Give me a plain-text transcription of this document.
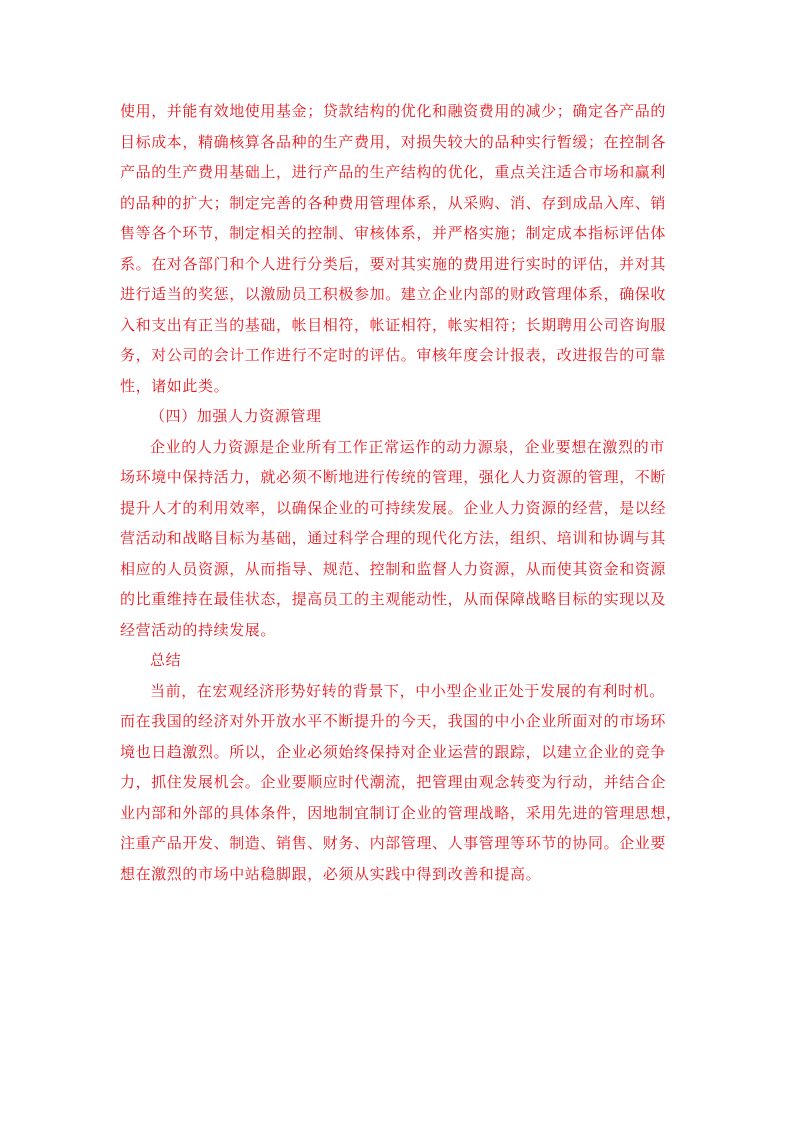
使用，并能有效地使用基金；贷款结构的优化和融资费用的减少；确定各产品的
目标成本，精确核算各品种的生产费用，对损失较大的品种实行暂缓；在控制各
产品的生产费用基础上，进行产品的生产结构的优化，重点关注适合市场和赢利
的品种的扩大；制定完善的各种费用管理体系，从采购、消、存到成品入库、销
售等各个环节，制定相关的控制、审核体系，并严格实施；制定成本指标评估体
系。在对各部门和个人进行分类后，要对其实施的费用进行实时的评估，并对其
进行适当的奖惩，以激励员工积极参加。建立企业内部的财政管理体系，确保收
入和支出有正当的基础，帐目相符，帐证相符，帐实相符；长期聘用公司咨询服
务，对公司的会计工作进行不定时的评估。审核年度会计报表，改进报告的可靠
性，诸如此类。
（四）加强人力资源管理
企业的人力资源是企业所有工作正常运作的动力源泉，企业要想在激烈的市
场环境中保持活力，就必须不断地进行传统的管理，强化人力资源的管理，不断
提升人才的利用效率，以确保企业的可持续发展。企业人力资源的经营，是以经
营活动和战略目标为基础，通过科学合理的现代化方法，组织、培训和协调与其
相应的人员资源，从而指导、规范、控制和监督人力资源，从而使其资金和资源
的比重维持在最佳状态，提高员工的主观能动性，从而保障战略目标的实现以及
经营活动的持续发展。
总结
当前，在宏观经济形势好转的背景下，中小型企业正处于发展的有利时机。
而在我国的经济对外开放水平不断提升的今天，我国的中小企业所面对的市场环
境也日趋激烈。所以，企业必须始终保持对企业运营的跟踪，以建立企业的竞争
力，抓住发展机会。企业要顺应时代潮流，把管理由观念转变为行动，并结合企
业内部和外部的具体条件，因地制宜制订企业的管理战略，采用先进的管理思想，
注重产品开发、制造、销售、财务、内部管理、人事管理等环节的协同。企业要
想在激烈的市场中站稳脚跟，必须从实践中得到改善和提高。
